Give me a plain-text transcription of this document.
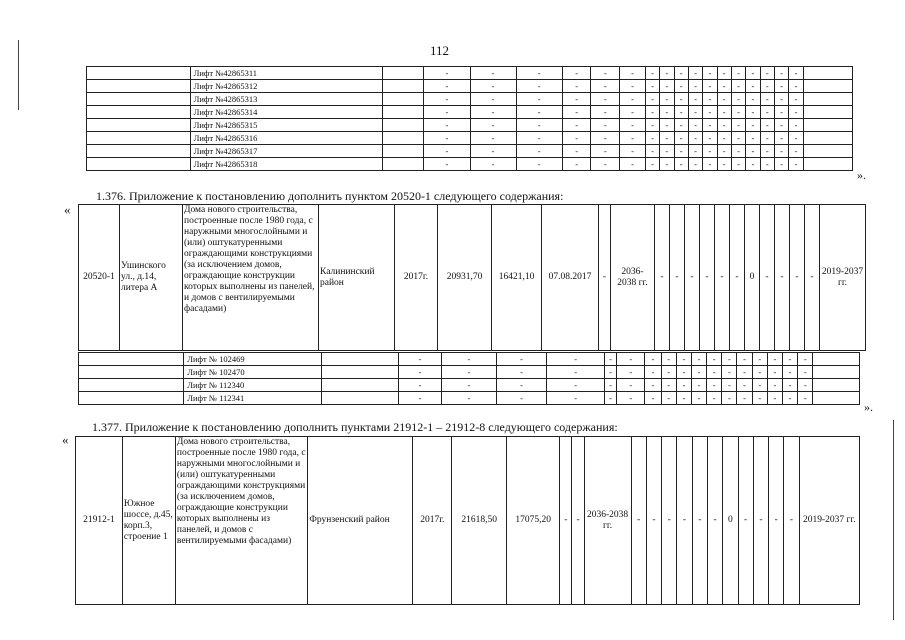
112
	Лифт №42865311		-	-	-	-	-	-	-	-	-	-	-	-	-	-	-	-	-	
	Лифт №42865312		-	-	-	-	-	-	-	-	-	-	-	-	-	-	-	-	-	
	Лифт №42865313		-	-	-	-	-	-	-	-	-	-	-	-	-	-	-	-	-	
	Лифт №42865314		-	-	-	-	-	-	-	-	-	-	-	-	-	-	-	-	-	
	Лифт №42865315		-	-	-	-	-	-	-	-	-	-	-	-	-	-	-	-	-	
	Лифт №42865316		-	-	-	-	-	-	-	-	-	-	-	-	-	-	-	-	-	
	Лифт №42865317		-	-	-	-	-	-	-	-	-	-	-	-	-	-	-	-	-	
	Лифт №42865318		-	-	-	-	-	-	-	-	-	-	-	-	-	-	-	-	-	
».
1.376. Приложение к постановлению дополнить пунктом 20520-1 следующего содержания:
«
20520-1	Ушинского ул., д.14, литера А	Дома нового строительства, построенные после 1980 года, с наружными многослойными и (или) оштукатуренными ограждающими конструкциями (за исключением домов, ограждающие конструкции которых выполнены из панелей, и домов с вентилируемыми фасадами)	Калининский район	2017г.	20931,70	16421,10	07.08.2017	-	2036-2038 гг.	-	-	-	-	-	-	0	-	-	-	-	2019-2037 гг.
	Лифт № 102469		-	-	-	-	-	-	-	-	-	-	-	-	-	-	-	-	-	
	Лифт № 102470		-	-	-	-	-	-	-	-	-	-	-	-	-	-	-	-	-	
	Лифт № 112340		-	-	-	-	-	-	-	-	-	-	-	-	-	-	-	-	-	
	Лифт № 112341		-	-	-	-	-	-	-	-	-	-	-	-	-	-	-	-	-	
».
1.377. Приложение к постановлению дополнить пунктами 21912-1 – 21912-8 следующего содержания:
«
21912-1	Южное шоссе, д.45, корп.3, строение 1	Дома нового строительства, построенные после 1980 года, с наружными многослойными и (или) оштукатуренными ограждающими конструкциями (за исключением домов, ограждающие конструкции которых выполнены из панелей, и домов с вентилируемыми фасадами)	Фрунзенский район	2017г.	21618,50	17075,20	-	-	2036-2038 гг.	-	-	-	-	-	-	0	-	-	-	-	2019-2037 гг.
